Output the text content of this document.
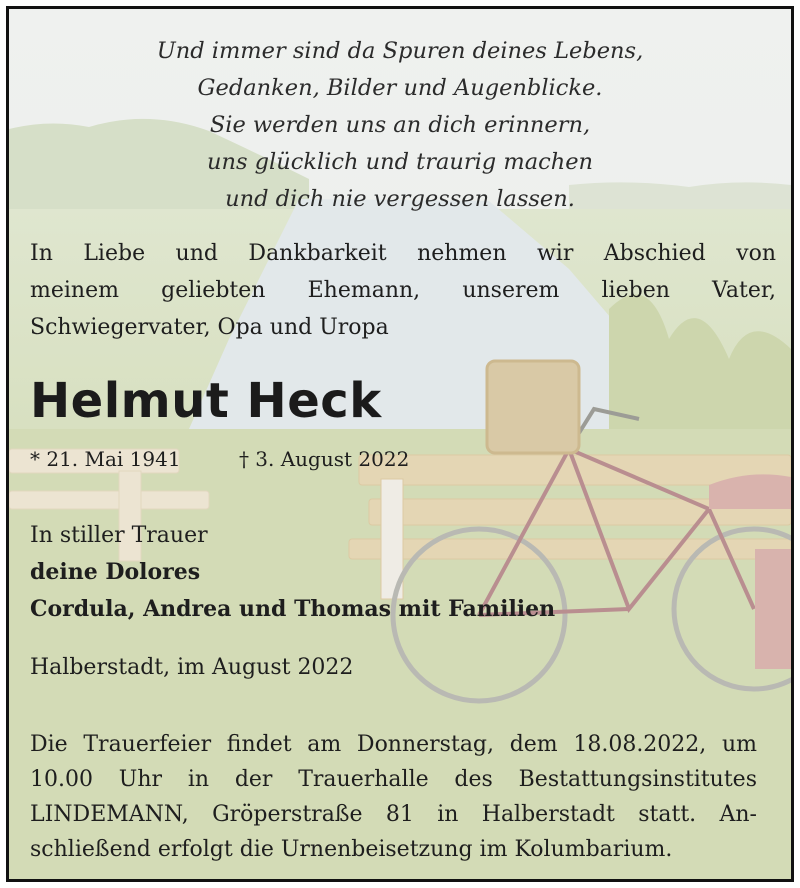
Und immer sind da Spuren deines Lebens,
Gedanken, Bilder und Augenblicke.
Sie werden uns an dich erinnern,
uns glücklich und traurig machen
und dich nie vergessen lassen.
In Liebe und Dankbarkeit nehmen wir Abschied von
meinem geliebten Ehemann, unserem lieben Vater,
Schwiegervater, Opa und Uropa
Helmut Heck
* 21. Mai 1941	† 3. August 2022
In stiller Trauer
deine Dolores
Cordula, Andrea und Thomas mit Familien
Halberstadt, im August 2022
Die Trauerfeier findet am Donnerstag, dem 18.08.2022, um
10.00 Uhr in der Trauerhalle des Bestattungsinstitutes
LINDEMANN, Gröperstraße 81 in Halberstadt statt. An-
schließend erfolgt die Urnenbeisetzung im Kolumbarium.
